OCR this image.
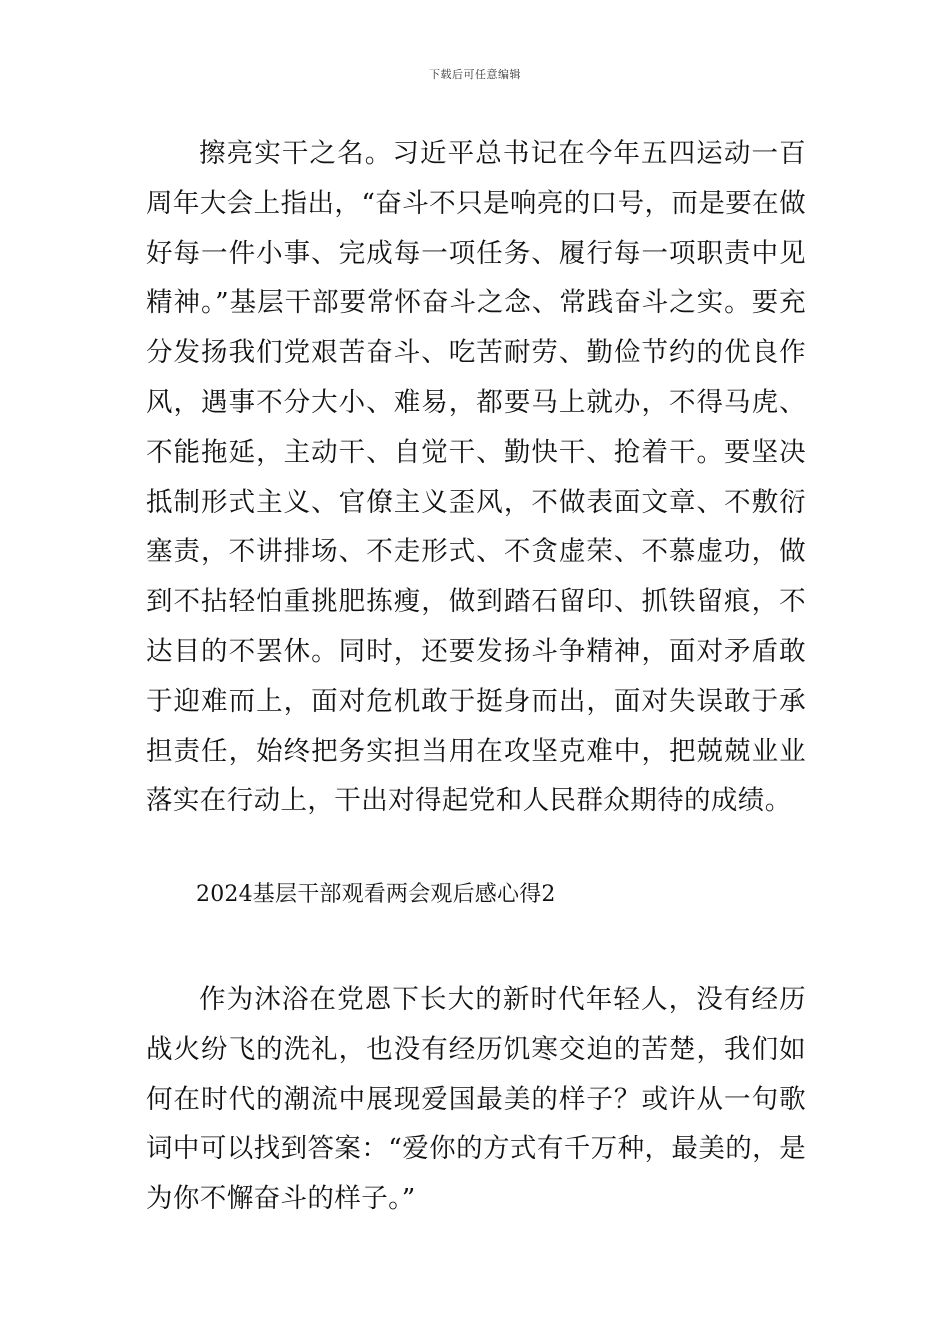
下载后可任意编辑

擦亮实干之名。习近平总书记在今年五四运动一百周年大会上指出，“奋斗不只是响亮的口号，而是要在做好每一件小事、完成每一项任务、履行每一项职责中见精神。”基层干部要常怀奋斗之念、常践奋斗之实。要充分发扬我们党艰苦奋斗、吃苦耐劳、勤俭节约的优良作风，遇事不分大小、难易，都要马上就办，不得马虎、不能拖延，主动干、自觉干、勤快干、抢着干。要坚决抵制形式主义、官僚主义歪风，不做表面文章、不敷衍塞责，不讲排场、不走形式、不贪虚荣、不慕虚功，做到不拈轻怕重挑肥拣瘦，做到踏石留印、抓铁留痕，不达目的不罢休。同时，还要发扬斗争精神，面对矛盾敢于迎难而上，面对危机敢于挺身而出，面对失误敢于承担责任，始终把务实担当用在攻坚克难中，把兢兢业业落实在行动上，干出对得起党和人民群众期待的成绩。

2024基层干部观看两会观后感心得2

作为沐浴在党恩下长大的新时代年轻人，没有经历战火纷飞的洗礼，也没有经历饥寒交迫的苦楚，我们如何在时代的潮流中展现爱国最美的样子？或许从一句歌词中可以找到答案：“爱你的方式有千万种，最美的，是为你不懈奋斗的样子。”
